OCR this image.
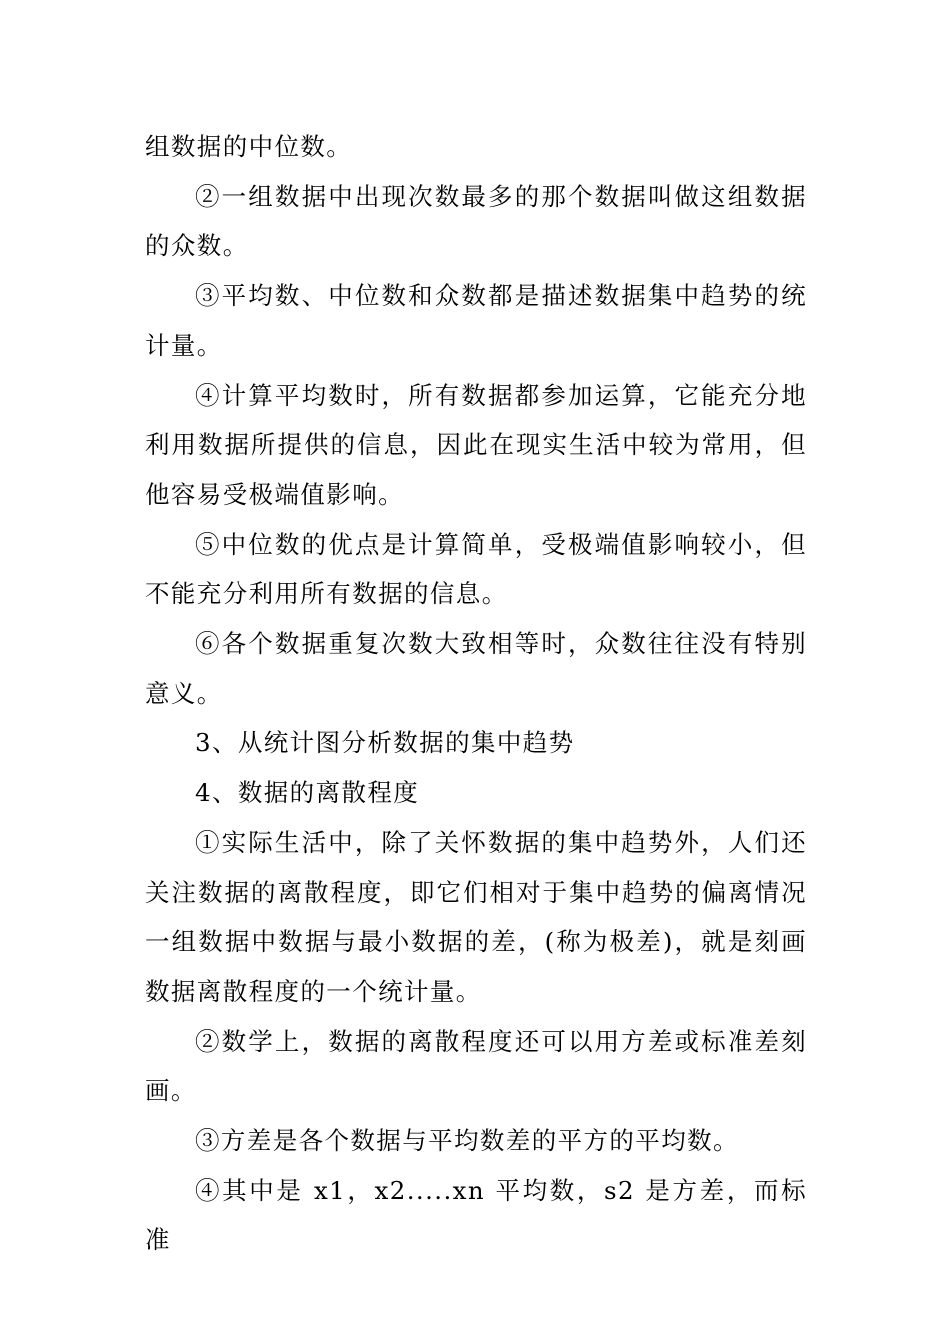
组数据的中位数。

②一组数据中出现次数最多的那个数据叫做这组数据的众数。

③平均数、中位数和众数都是描述数据集中趋势的统计量。

④计算平均数时，所有数据都参加运算，它能充分地利用数据所提供的信息，因此在现实生活中较为常用，但他容易受极端值影响。

⑤中位数的优点是计算简单，受极端值影响较小，但不能充分利用所有数据的信息。

⑥各个数据重复次数大致相等时，众数往往没有特别意义。

3、从统计图分析数据的集中趋势

4、数据的离散程度

①实际生活中，除了关怀数据的集中趋势外，人们还关注数据的离散程度，即它们相对于集中趋势的偏离情况一组数据中数据与最小数据的差，(称为极差)，就是刻画数据离散程度的一个统计量。

②数学上，数据的离散程度还可以用方差或标准差刻画。

③方差是各个数据与平均数差的平方的平均数。

④其中是 x1，x2.....xn 平均数，s2 是方差，而标准
